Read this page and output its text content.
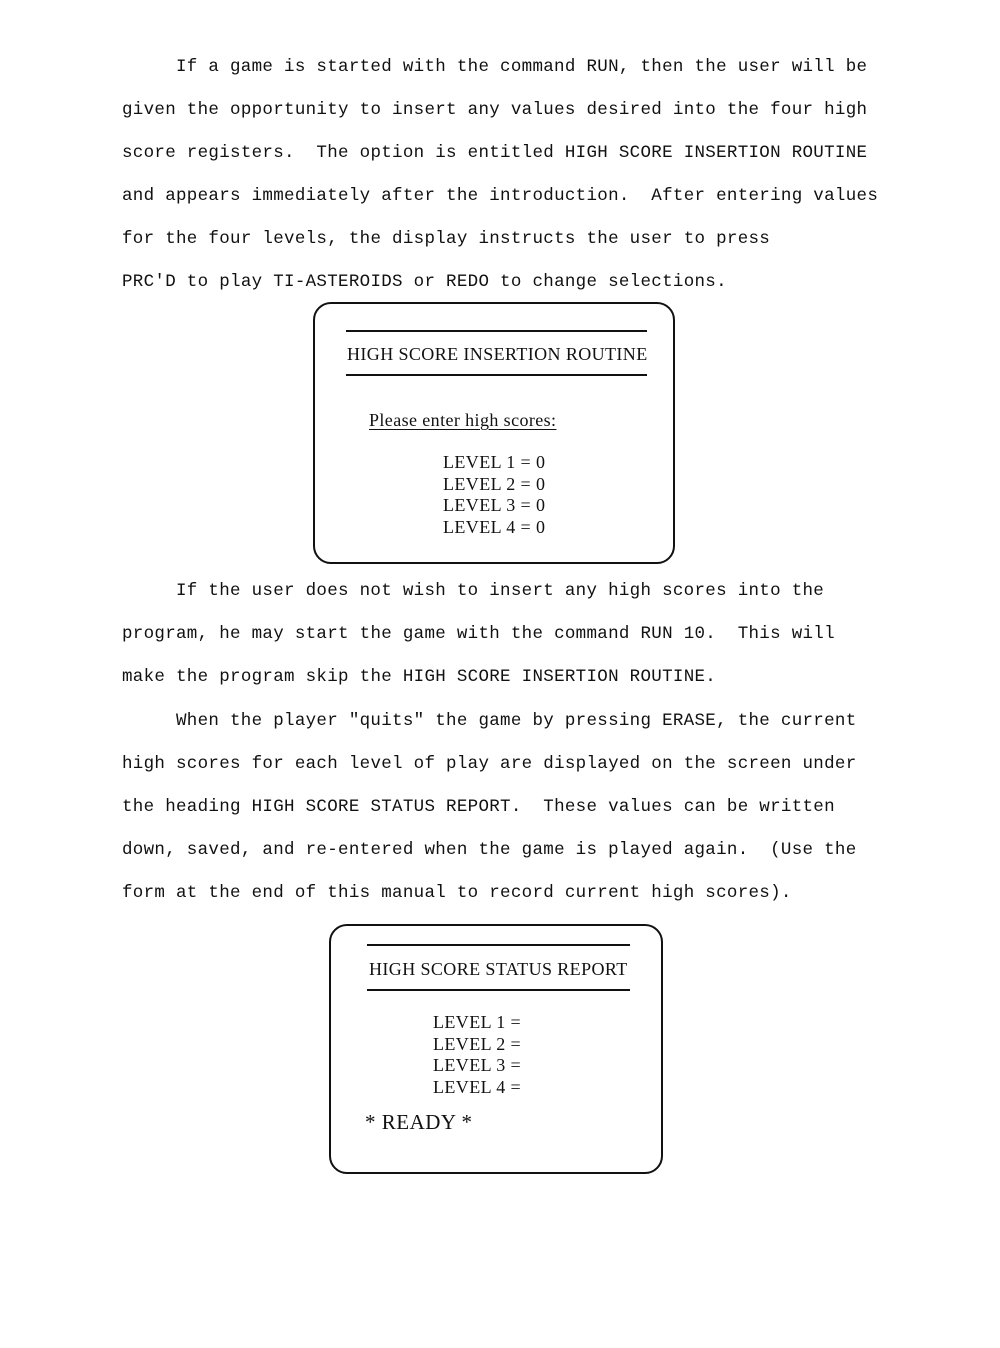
If a game is started with the command RUN, then the user will be
given the opportunity to insert any values desired into the four high
score registers.  The option is entitled HIGH SCORE INSERTION ROUTINE
and appears immediately after the introduction.  After entering values
for the four levels, the display instructs the user to press
PRC'D to play TI-ASTEROIDS or REDO to change selections.
HIGH SCORE INSERTION ROUTINE
Please enter high scores:
LEVEL 1 = 0
LEVEL 2 = 0
LEVEL 3 = 0
LEVEL 4 = 0
If the user does not wish to insert any high scores into the
program, he may start the game with the command RUN 10.  This will
make the program skip the HIGH SCORE INSERTION ROUTINE.
When the player "quits" the game by pressing ERASE, the current
high scores for each level of play are displayed on the screen under
the heading HIGH SCORE STATUS REPORT.  These values can be written
down, saved, and re-entered when the game is played again.  (Use the
form at the end of this manual to record current high scores).
HIGH SCORE STATUS REPORT
LEVEL 1 =
LEVEL 2 =
LEVEL 3 =
LEVEL 4 =
* READY *
